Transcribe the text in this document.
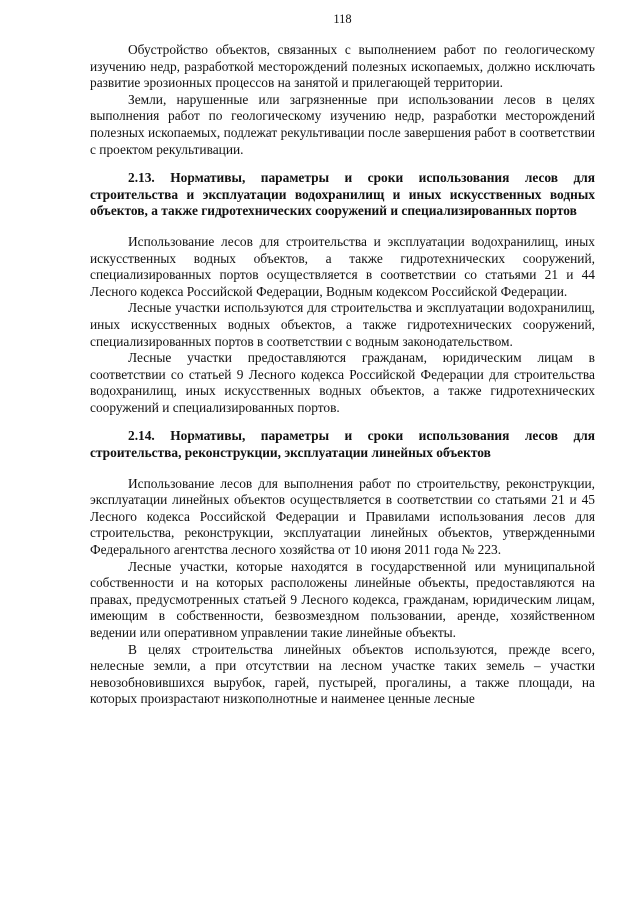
118

Обустройство объектов, связанных с выполнением работ по геологическому изучению недр, разработкой месторождений полезных ископаемых, должно исключать развитие эрозионных процессов на занятой и прилегающей территории.

Земли, нарушенные или загрязненные при использовании лесов в целях выполнения работ по геологическому изучению недр, разработки месторождений полезных ископаемых, подлежат рекультивации после завершения работ в соответствии с проектом рекультивации.

2.13. Нормативы, параметры и сроки использования лесов для строительства и эксплуатации водохранилищ и иных искусственных водных объектов, а также гидротехнических сооружений и специализированных портов

Использование лесов для строительства и эксплуатации водохранилищ, иных искусственных водных объектов, а также гидротехнических сооружений, специализированных портов осуществляется в соответствии со статьями 21 и 44 Лесного кодекса Российской Федерации, Водным кодексом Российской Федерации.

Лесные участки используются для строительства и эксплуатации водохранилищ, иных искусственных водных объектов, а также гидротехнических сооружений, специализированных портов в соответствии с водным законодательством.

Лесные участки предоставляются гражданам, юридическим лицам в соответствии со статьей 9 Лесного кодекса Российской Федерации для строительства водохранилищ, иных искусственных водных объектов, а также гидротехнических сооружений и специализированных портов.

2.14. Нормативы, параметры и сроки использования лесов для строительства, реконструкции, эксплуатации линейных объектов

Использование лесов для выполнения работ по строительству, реконструкции, эксплуатации линейных объектов осуществляется в соответствии со статьями 21 и 45 Лесного кодекса Российской Федерации и Правилами использования лесов для строительства, реконструкции, эксплуатации линейных объектов, утвержденными Федерального агентства лесного хозяйства от 10 июня 2011 года № 223.

Лесные участки, которые находятся в государственной или муниципальной собственности и на которых расположены линейные объекты, предоставляются на правах, предусмотренных статьей 9 Лесного кодекса, гражданам, юридическим лицам, имеющим в собственности, безвозмездном пользовании, аренде, хозяйственном ведении или оперативном управлении такие линейные объекты.

В целях строительства линейных объектов используются, прежде всего, нелесные земли, а при отсутствии на лесном участке таких земель – участки невозобновившихся вырубок, гарей, пустырей, прогалины, а также площади, на которых произрастают низкополнотные и наименее ценные лесные
